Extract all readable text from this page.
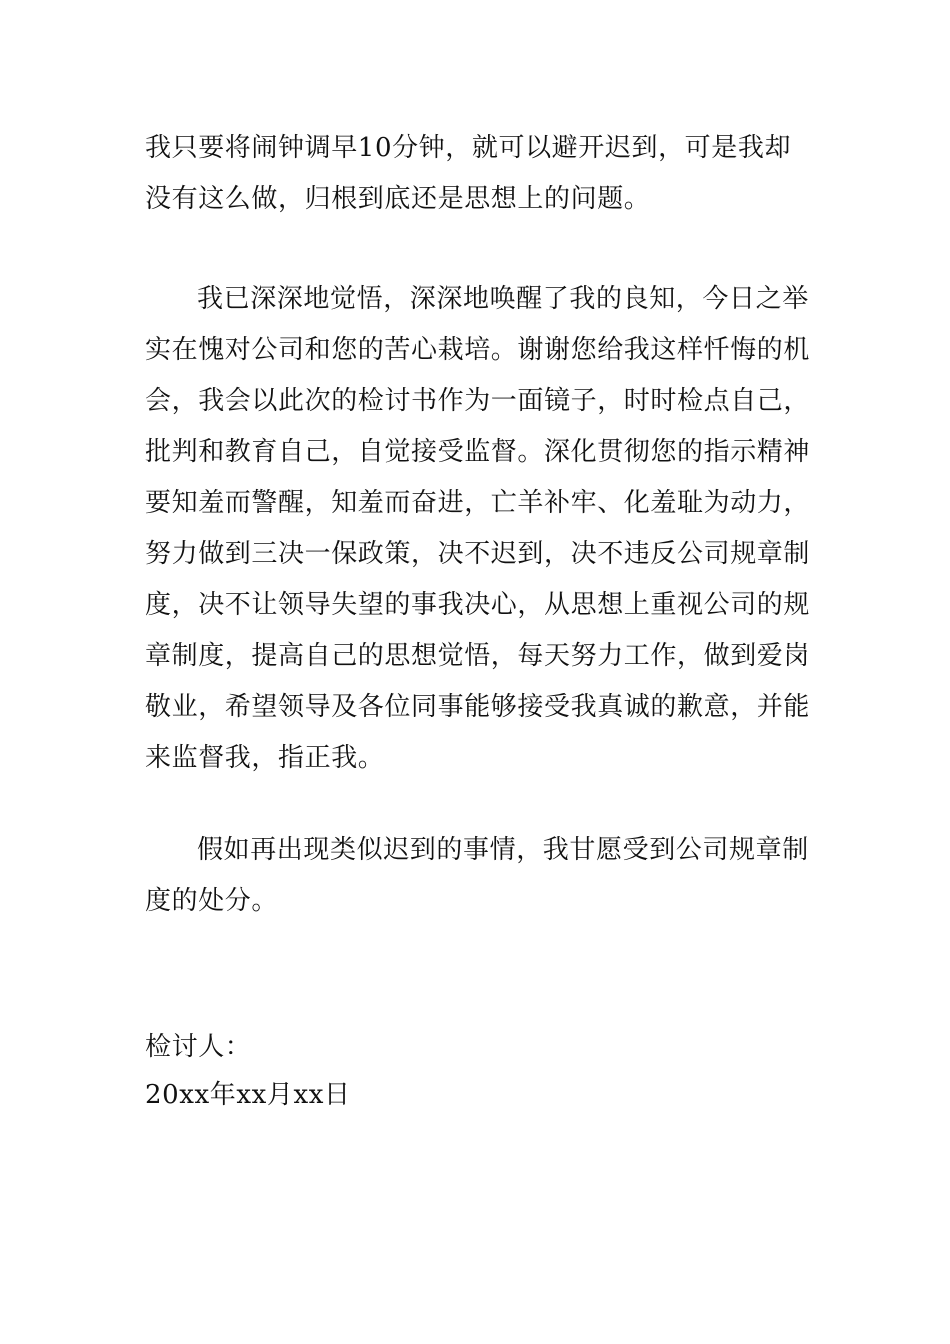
我只要将闹钟调早10分钟，就可以避开迟到，可是我却没有这么做，归根到底还是思想上的问题。

我已深深地觉悟，深深地唤醒了我的良知，今日之举实在愧对公司和您的苦心栽培。谢谢您给我这样忏悔的机会，我会以此次的检讨书作为一面镜子，时时检点自己，批判和教育自己，自觉接受监督。深化贯彻您的指示精神要知羞而警醒，知羞而奋进，亡羊补牢、化羞耻为动力，努力做到三决一保政策，决不迟到，决不违反公司规章制度，决不让领导失望的事我决心，从思想上重视公司的规章制度，提高自己的思想觉悟，每天努力工作，做到爱岗敬业，希望领导及各位同事能够接受我真诚的歉意，并能来监督我，指正我。

假如再出现类似迟到的事情，我甘愿受到公司规章制度的处分。

检讨人：

20xx年xx月xx日
